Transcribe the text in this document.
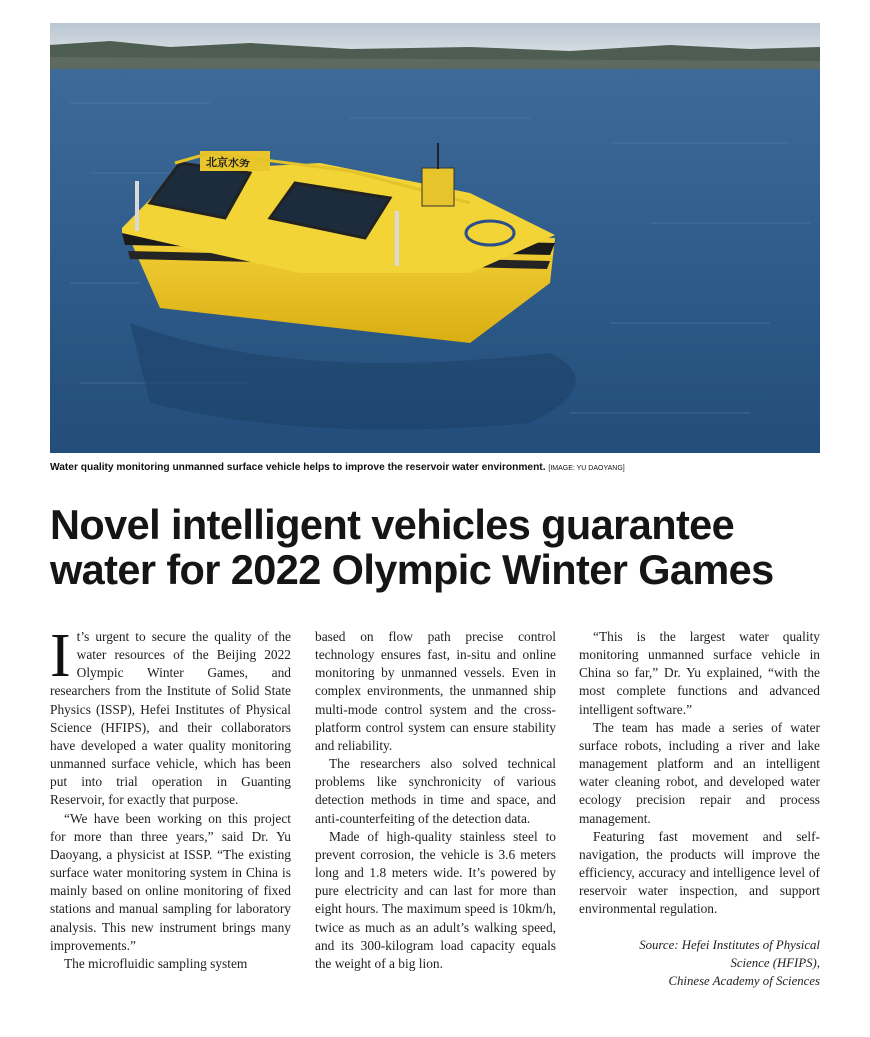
北京水务
Water quality monitoring unmanned surface vehicle helps to improve the reservoir water environment. [IMAGE: YU DAOYANG]
Novel intelligent vehicles guarantee
water for 2022 Olympic Winter Games

It’s urgent to secure the quality of the water resources of the Beijing 2022 Olympic Winter Games, and researchers from the Institute of Solid State Physics (ISSP), Hefei Institutes of Physical Science (HFIPS), and their collaborators have developed a water quality monitoring unmanned surface vehicle, which has been put into trial operation in Guanting Reservoir, for exactly that purpose.

“We have been working on this project for more than three years,” said Dr. Yu Daoyang, a physicist at ISSP. “The existing surface water monitoring system in China is mainly based on online monitoring of fixed stations and manual sampling for laboratory analysis. This new instrument brings many improvements.”

The microfluidic sampling system

based on flow path precise control technology ensures fast, in-situ and online monitoring by unmanned vessels. Even in complex environments, the unmanned ship multi-mode control system and the cross-platform control system can ensure stability and reliability.

The researchers also solved technical problems like synchronicity of various detection methods in time and space, and anti-counterfeiting of the detection data.

Made of high-quality stainless steel to prevent corrosion, the vehicle is 3.6 meters long and 1.8 meters wide. It’s powered by pure electricity and can last for more than eight hours. The maximum speed is 10km/h, twice as much as an adult’s walking speed, and its 300-kilogram load capacity equals the weight of a big lion.

“This is the largest water quality monitoring unmanned surface vehicle in China so far,” Dr. Yu explained, “with the most complete functions and advanced intelligent software.”

The team has made a series of water surface robots, including a river and lake management platform and an intelligent water cleaning robot, and developed water ecology precision repair and process management.

Featuring fast movement and self-navigation, the products will improve the efficiency, accuracy and intelligence level of reservoir water inspection, and support environmental regulation.

Source: Hefei Institutes of Physical
Science (HFIPS),
Chinese Academy of Sciences
